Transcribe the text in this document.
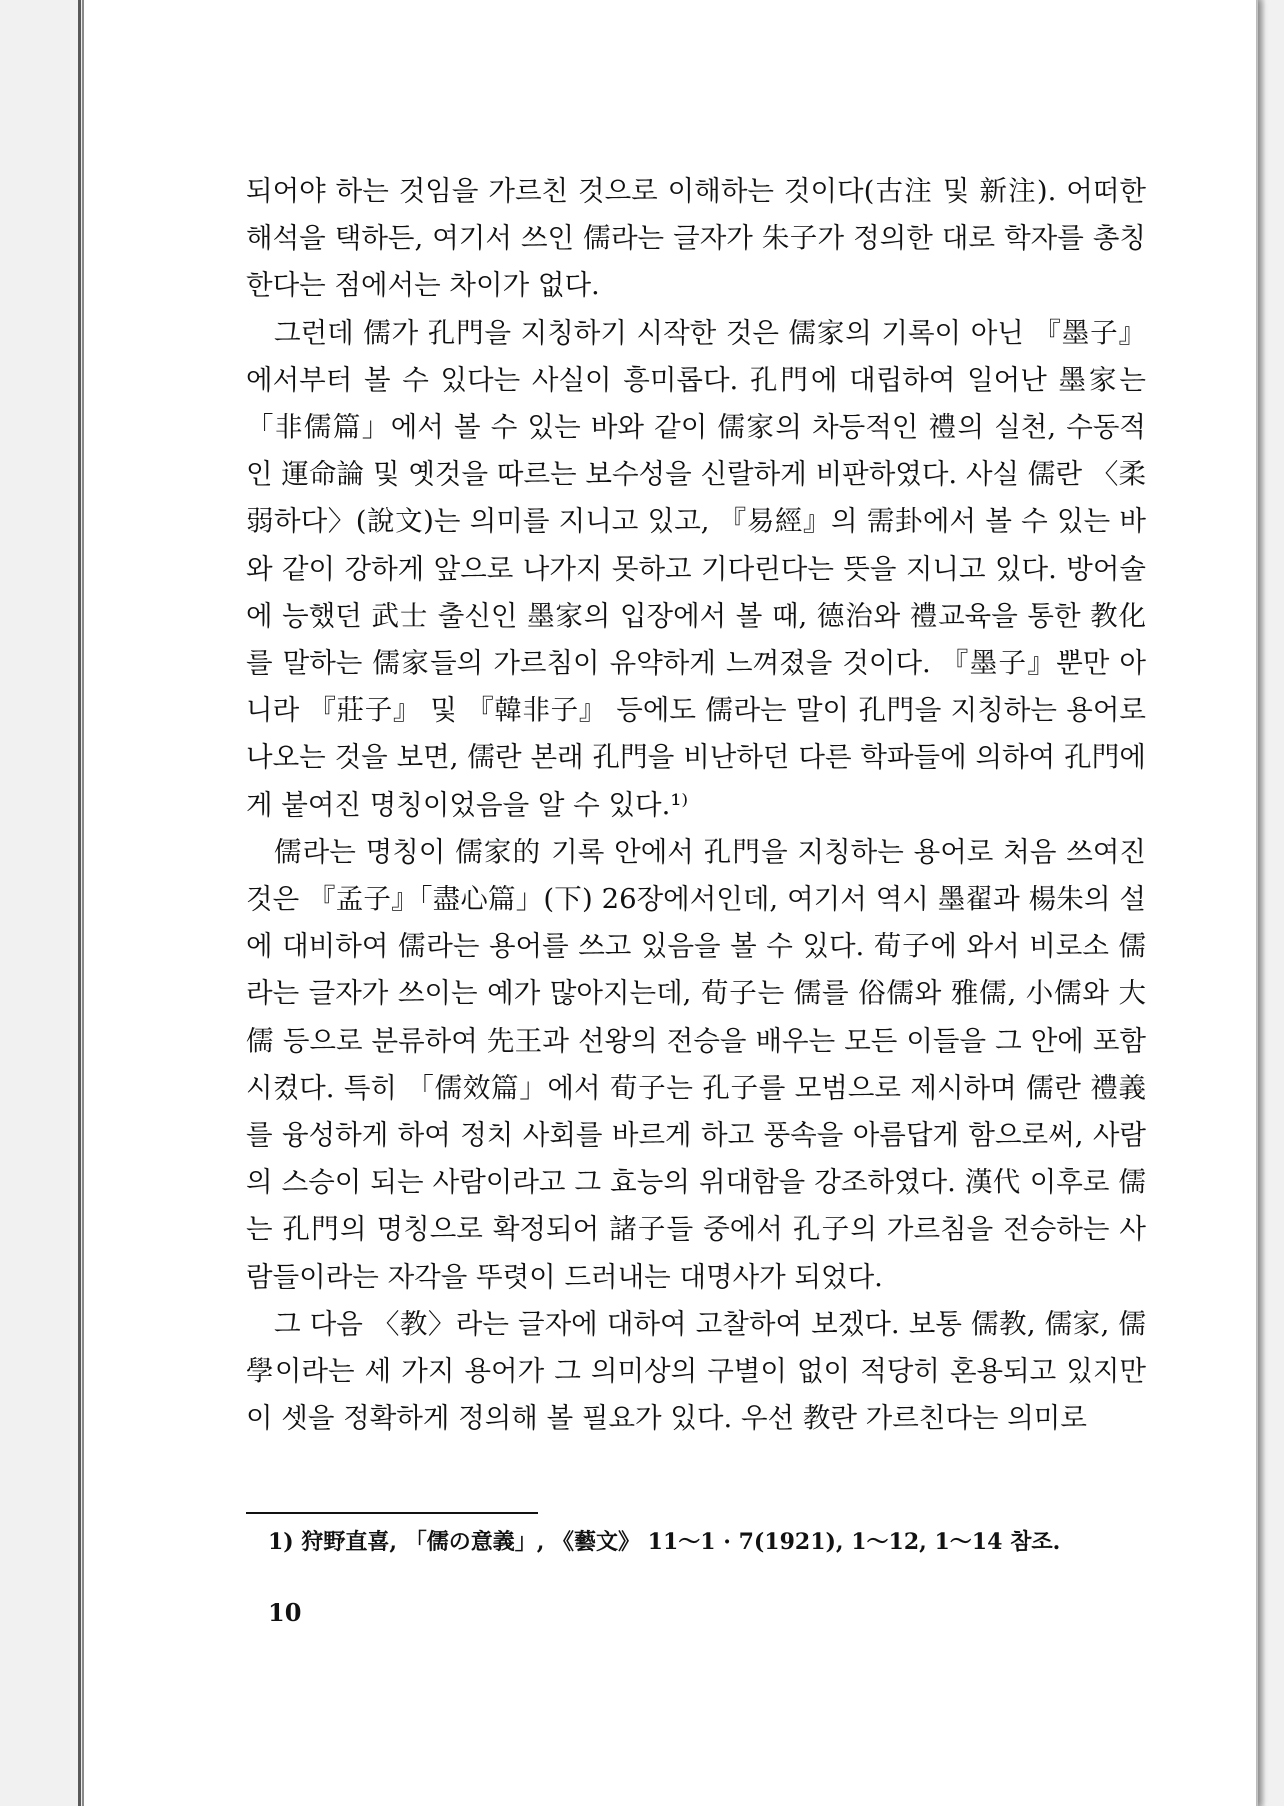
되어야 하는 것임을 가르친 것으로 이해하는 것이다(古注 및 新注). 어떠한 해석을 택하든, 여기서 쓰인 儒라는 글자가 朱子가 정의한 대로 학자를 총칭한다는 점에서는 차이가 없다.

그런데 儒가 孔門을 지칭하기 시작한 것은 儒家의 기록이 아닌 『墨子』에서부터 볼 수 있다는 사실이 흥미롭다. 孔門에 대립하여 일어난 墨家는 「非儒篇」에서 볼 수 있는 바와 같이 儒家의 차등적인 禮의 실천, 수동적인 運命論 및 옛것을 따르는 보수성을 신랄하게 비판하였다. 사실 儒란 〈柔弱하다〉(說文)는 의미를 지니고 있고, 『易經』의 需卦에서 볼 수 있는 바와 같이 강하게 앞으로 나가지 못하고 기다린다는 뜻을 지니고 있다. 방어술에 능했던 武士 출신인 墨家의 입장에서 볼 때, 德治와 禮교육을 통한 教化를 말하는 儒家들의 가르침이 유약하게 느껴졌을 것이다. 『墨子』뿐만 아니라 『莊子』 및 『韓非子』 등에도 儒라는 말이 孔門을 지칭하는 용어로 나오는 것을 보면, 儒란 본래 孔門을 비난하던 다른 학파들에 의하여 孔門에게 붙여진 명칭이었음을 알 수 있다.¹⁾

儒라는 명칭이 儒家的 기록 안에서 孔門을 지칭하는 용어로 처음 쓰여진 것은 『孟子』「盡心篇」(下) 26장에서인데, 여기서 역시 墨翟과 楊朱의 설에 대비하여 儒라는 용어를 쓰고 있음을 볼 수 있다. 荀子에 와서 비로소 儒라는 글자가 쓰이는 예가 많아지는데, 荀子는 儒를 俗儒와 雅儒, 小儒와 大儒 등으로 분류하여 先王과 선왕의 전승을 배우는 모든 이들을 그 안에 포함시켰다. 특히 「儒效篇」에서 荀子는 孔子를 모범으로 제시하며 儒란 禮義를 융성하게 하여 정치 사회를 바르게 하고 풍속을 아름답게 함으로써, 사람의 스승이 되는 사람이라고 그 효능의 위대함을 강조하였다. 漢代 이후로 儒는 孔門의 명칭으로 확정되어 諸子들 중에서 孔子의 가르침을 전승하는 사람들이라는 자각을 뚜렷이 드러내는 대명사가 되었다.

그 다음 〈教〉라는 글자에 대하여 고찰하여 보겠다. 보통 儒教, 儒家, 儒學이라는 세 가지 용어가 그 의미상의 구별이 없이 적당히 혼용되고 있지만 이 셋을 정확하게 정의해 볼 필요가 있다. 우선 教란 가르친다는 의미로

1) 狩野直喜, 「儒の意義」, 《藝文》 11～1 · 7(1921), 1～12, 1～14 참조.
10
